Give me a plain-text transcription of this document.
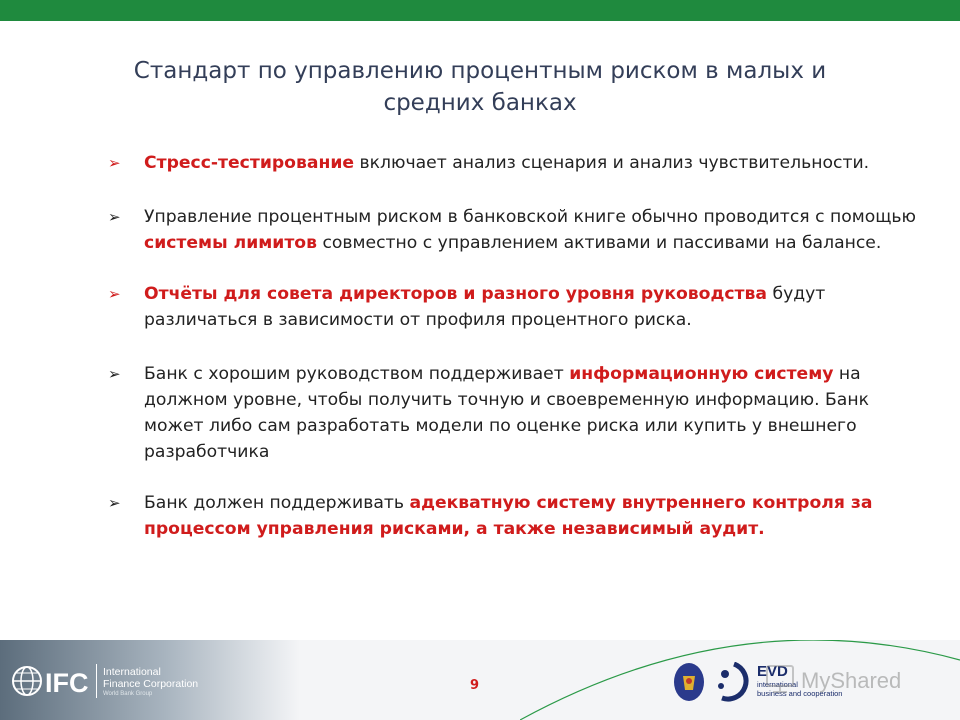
Стандарт по управлению процентным риском в малых и средних банках
➢ Стресс-тестирование включает анализ сценария и анализ чувствительности.
➢ Управление процентным риском в банковской книге обычно проводится с помощью системы лимитов совместно с управлением активами и пассивами на балансе.
➢ Отчёты для совета директоров и разного уровня руководства будут различаться в зависимости от профиля процентного риска.
➢ Банк с хорошим руководством поддерживает информационную систему на должном уровне, чтобы получить точную и своевременную информацию. Банк может либо сам разработать модели по оценке риска или купить у внешнего разработчика
➢ Банк должен поддерживать адекватную систему внутреннего контроля за процессом управления рисками, а также независимый аудит.
IFC International
Finance Corporation
World Bank Group
9
EVD
international
business and cooperation
MyShared
